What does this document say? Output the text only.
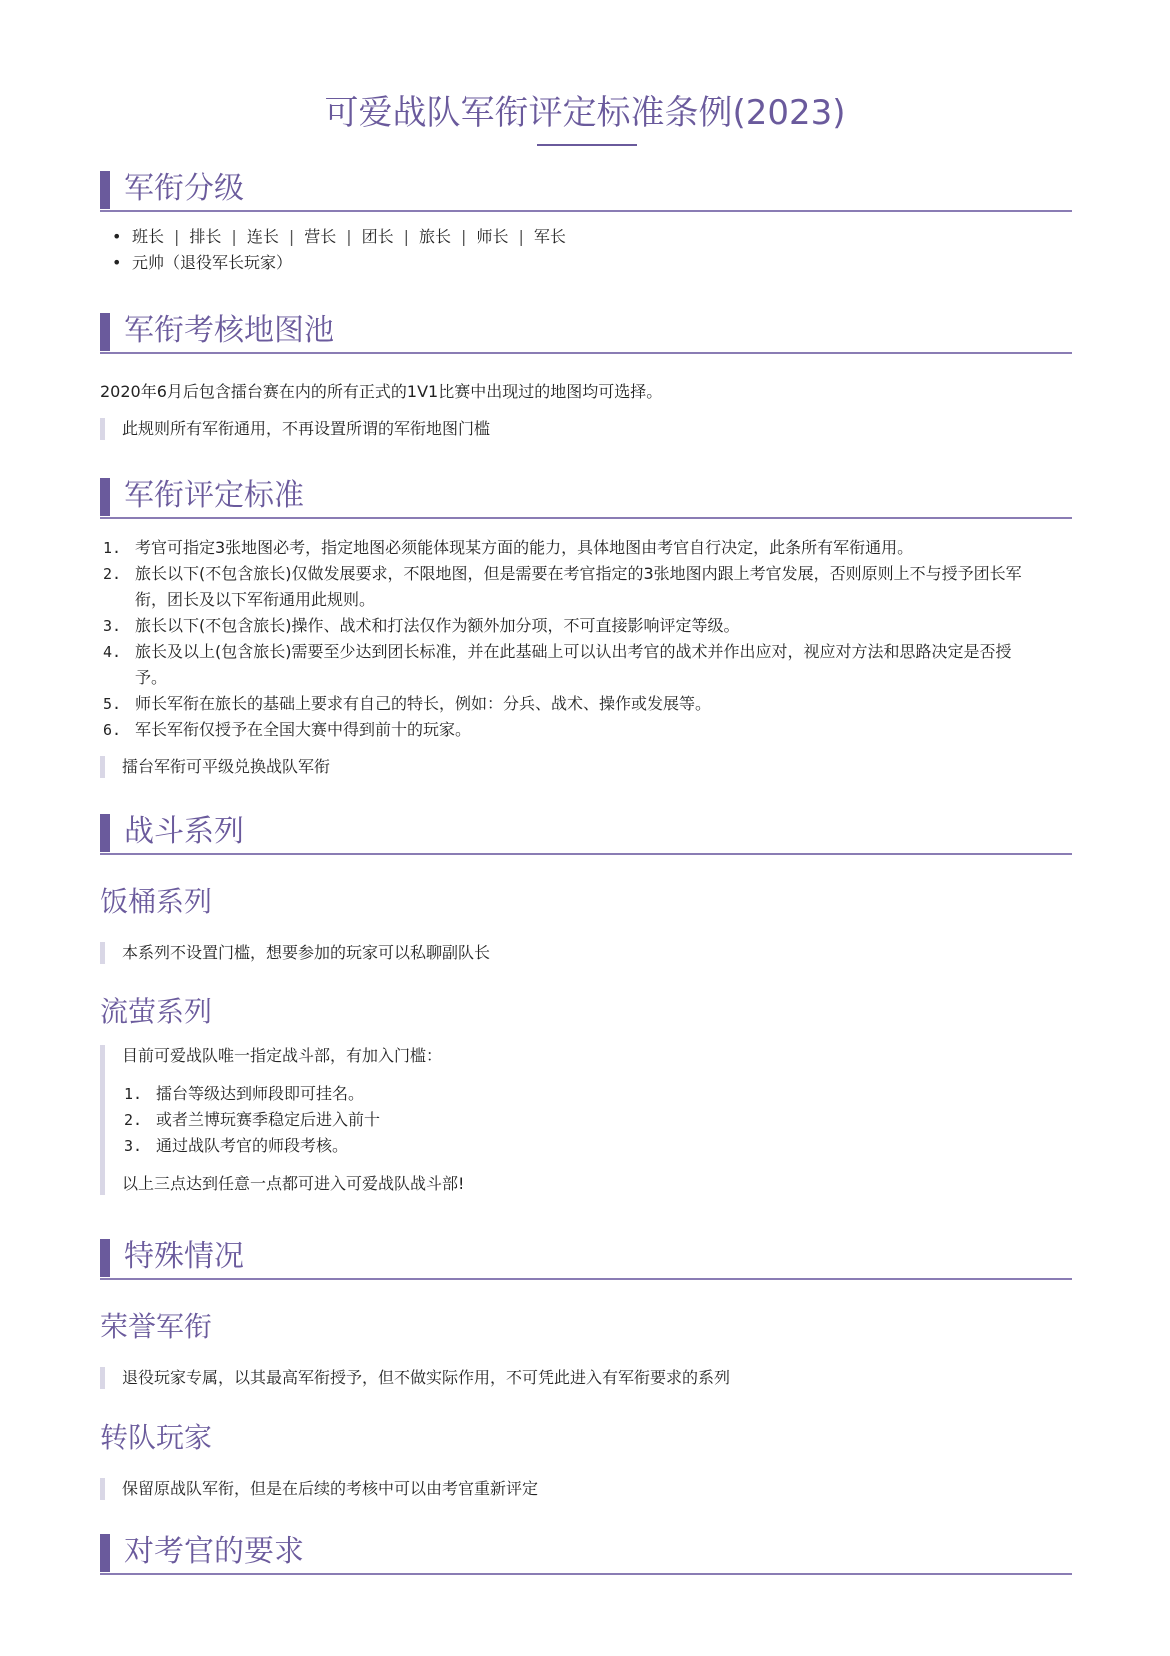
可爱战队军衔评定标准条例(2023)
军衔分级
• 班长 | 排长 | 连长 | 营长 | 团长 | 旅长 | 师长 | 军长
• 元帅（退役军长玩家）
军衔考核地图池

2020年6月后包含擂台赛在内的所有正式的1V1比赛中出现过的地图均可选择。

此规则所有军衔通用，不再设置所谓的军衔地图门槛
军衔评定标准
1. 考官可指定3张地图必考，指定地图必须能体现某方面的能力，具体地图由考官自行决定，此条所有军衔通用。
2. 旅长以下(不包含旅长)仅做发展要求，不限地图，但是需要在考官指定的3张地图内跟上考官发展，否则原则上不与授予团长军
衔，团长及以下军衔通用此规则。
3. 旅长以下(不包含旅长)操作、战术和打法仅作为额外加分项，不可直接影响评定等级。
4. 旅长及以上(包含旅长)需要至少达到团长标准，并在此基础上可以认出考官的战术并作出应对，视应对方法和思路决定是否授
予。
5. 师长军衔在旅长的基础上要求有自己的特长，例如：分兵、战术、操作或发展等。
6. 军长军衔仅授予在全国大赛中得到前十的玩家。
擂台军衔可平级兑换战队军衔
战斗系列
饭桶系列
本系列不设置门槛，想要参加的玩家可以私聊副队长
流萤系列
目前可爱战队唯一指定战斗部，有加入门槛：
1. 擂台等级达到师段即可挂名。
2. 或者兰博玩赛季稳定后进入前十
3. 通过战队考官的师段考核。
以上三点达到任意一点都可进入可爱战队战斗部!
特殊情况
荣誉军衔
退役玩家专属，以其最高军衔授予，但不做实际作用，不可凭此进入有军衔要求的系列
转队玩家
保留原战队军衔，但是在后续的考核中可以由考官重新评定
对考官的要求
